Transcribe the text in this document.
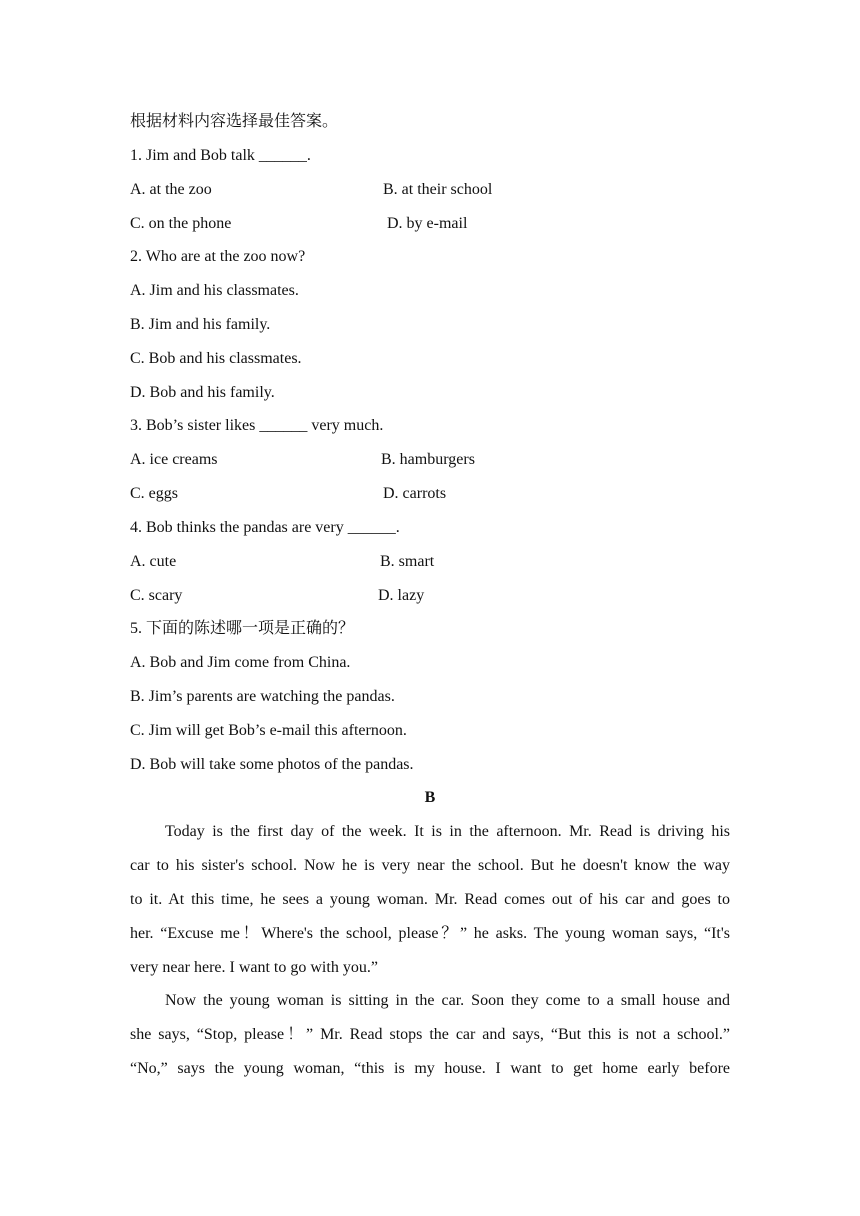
根据材料内容选择最佳答案。
1. Jim and Bob talk ______.
A. at the zoo	B. at their school
C. on the phone	D. by e-mail
2. Who are at the zoo now?
A. Jim and his classmates.
B. Jim and his family.
C. Bob and his classmates.
D. Bob and his family.
3. Bob’s sister likes ______ very much.
A. ice creams	B. hamburgers
C. eggs	D. carrots
4. Bob thinks the pandas are very ______.
A. cute	B. smart
C. scary	D. lazy
5. 下面的陈述哪一项是正确的？
A. Bob and Jim come from China.
B. Jim’s parents are watching the pandas.
C. Jim will get Bob’s e-mail this afternoon.
D. Bob will take some photos of the pandas.
B
Today is the first day of the week. It is in the afternoon. Mr. Read is driving his
car to his sister's school. Now he is very near the school. But he doesn't know the way
to it. At this time, he sees a young woman. Mr. Read comes out of his car and goes to
her. “Excuse me！Where's the school, please？” he asks. The young woman says, “It's
very near here. I want to go with you.”
Now the young woman is sitting in the car. Soon they come to a small house and
she says, “Stop, please！” Mr. Read stops the car and says, “But this is not a school.”
“No,” says the young woman, “this is my house. I want to get home early before
